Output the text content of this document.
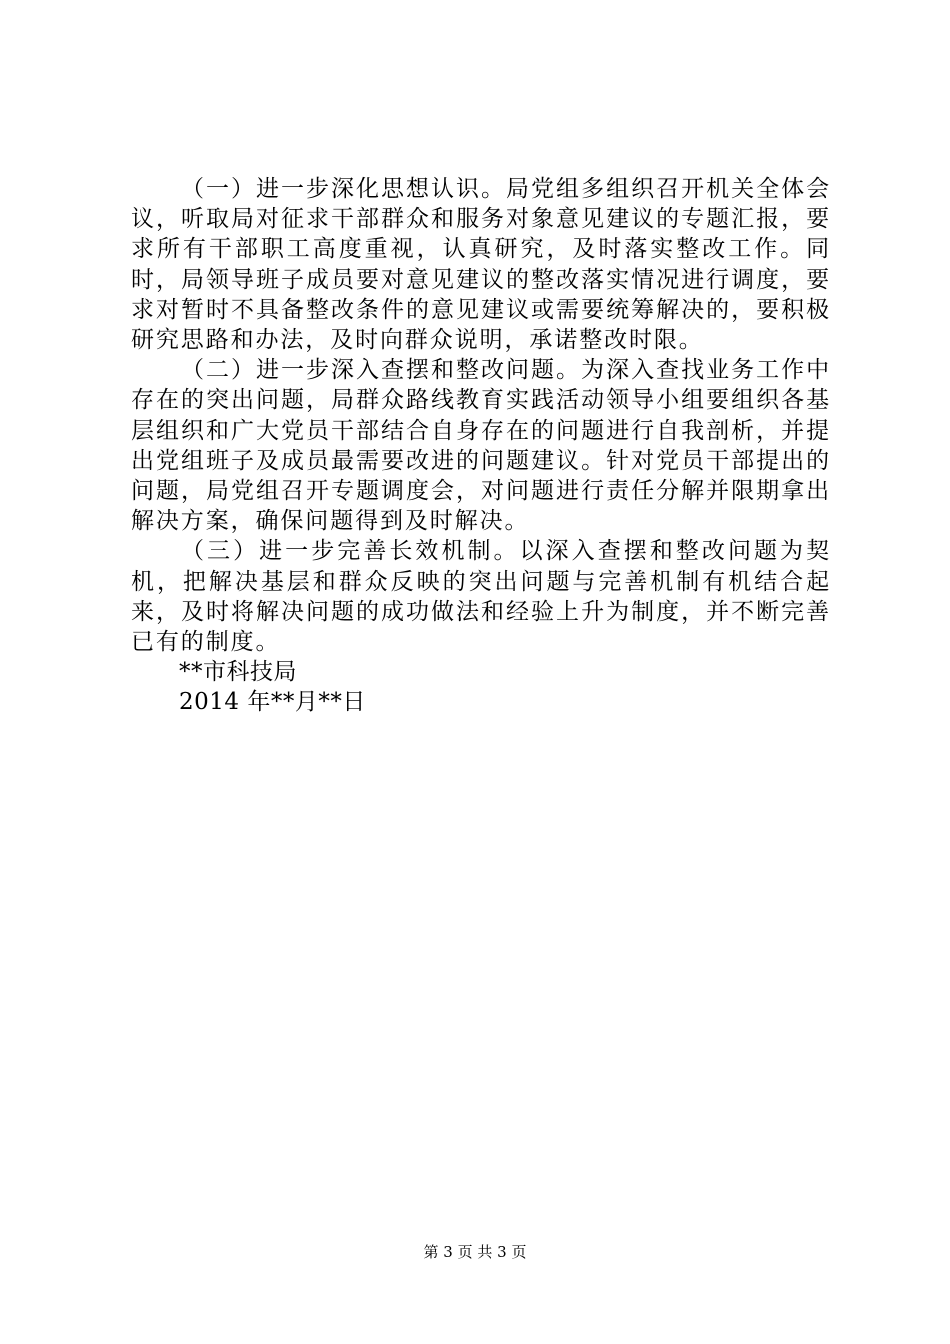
（一）进一步深化思想认识。局党组多组织召开机关全体会议，听取局对征求干部群众和服务对象意见建议的专题汇报，要求所有干部职工高度重视，认真研究，及时落实整改工作。同时，局领导班子成员要对意见建议的整改落实情况进行调度，要求对暂时不具备整改条件的意见建议或需要统筹解决的，要积极研究思路和办法，及时向群众说明，承诺整改时限。

（二）进一步深入查摆和整改问题。为深入查找业务工作中存在的突出问题，局群众路线教育实践活动领导小组要组织各基层组织和广大党员干部结合自身存在的问题进行自我剖析，并提出党组班子及成员最需要改进的问题建议。针对党员干部提出的问题，局党组召开专题调度会，对问题进行责任分解并限期拿出解决方案，确保问题得到及时解决。

（三）进一步完善长效机制。以深入查摆和整改问题为契机，把解决基层和群众反映的突出问题与完善机制有机结合起来，及时将解决问题的成功做法和经验上升为制度，并不断完善已有的制度。

**市科技局

2014 年**月**日

第 3 页 共 3 页
